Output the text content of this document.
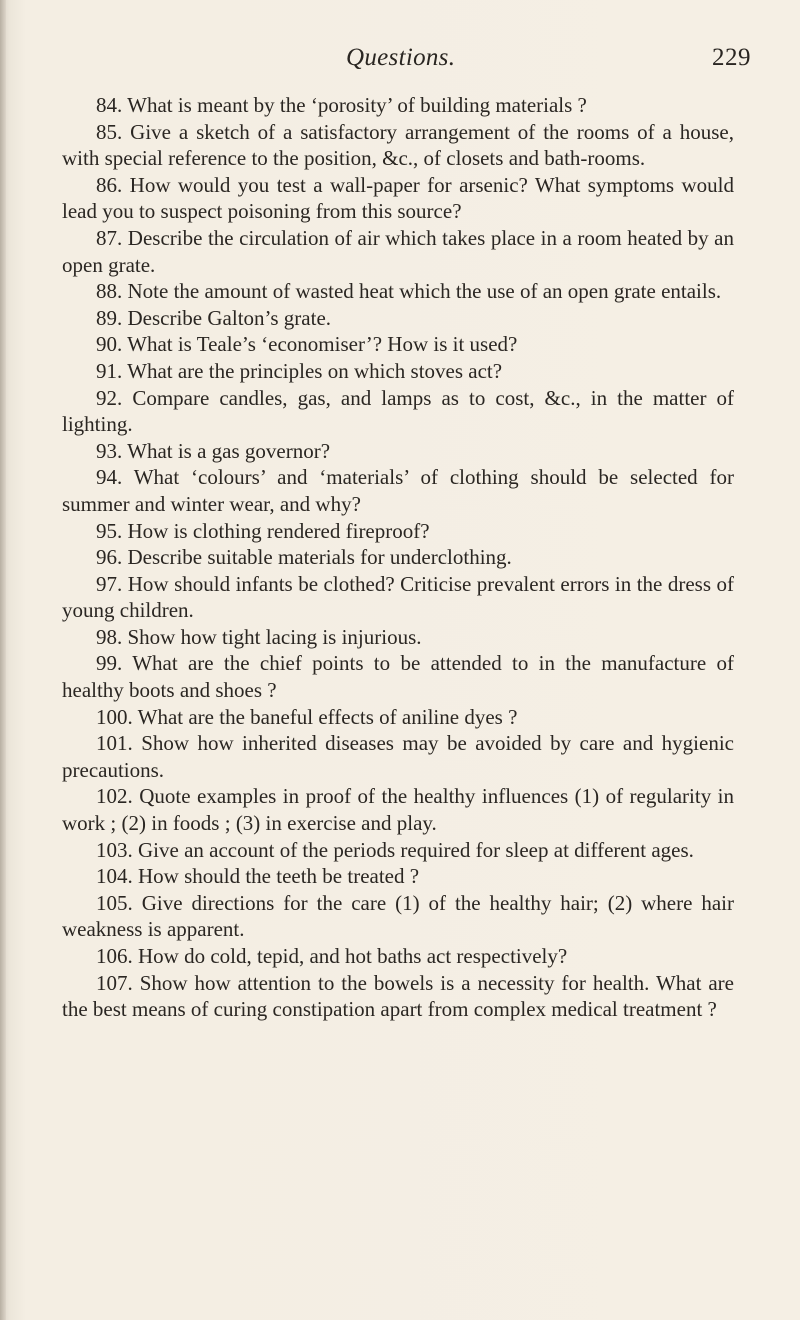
Questions.	229

84. What is meant by the ‘porosity’ of building materials ?

85. Give a sketch of a satisfactory arrangement of the rooms of a house, with special reference to the position, &c., of closets and bath-rooms.

86. How would you test a wall-paper for arsenic? What symptoms would lead you to suspect poisoning from this source?

87. Describe the circulation of air which takes place in a room heated by an open grate.

88. Note the amount of wasted heat which the use of an open grate entails.

89. Describe Galton’s grate.

90. What is Teale’s ‘economiser’? How is it used?

91. What are the principles on which stoves act?

92. Compare candles, gas, and lamps as to cost, &c., in the matter of lighting.

93. What is a gas governor?

94. What ‘colours’ and ‘materials’ of clothing should be selected for summer and winter wear, and why?

95. How is clothing rendered fireproof?

96. Describe suitable materials for underclothing.

97. How should infants be clothed? Criticise prevalent errors in the dress of young children.

98. Show how tight lacing is injurious.

99. What are the chief points to be attended to in the manufacture of healthy boots and shoes ?

100. What are the baneful effects of aniline dyes ?

101. Show how inherited diseases may be avoided by care and hygienic precautions.

102. Quote examples in proof of the healthy influences (1) of regularity in work ; (2) in foods ; (3) in exercise and play.

103. Give an account of the periods required for sleep at different ages.

104. How should the teeth be treated ?

105. Give directions for the care (1) of the healthy hair; (2) where hair weakness is apparent.

106. How do cold, tepid, and hot baths act respectively?

107. Show how attention to the bowels is a necessity for health. What are the best means of curing constipation apart from complex medical treatment ?
